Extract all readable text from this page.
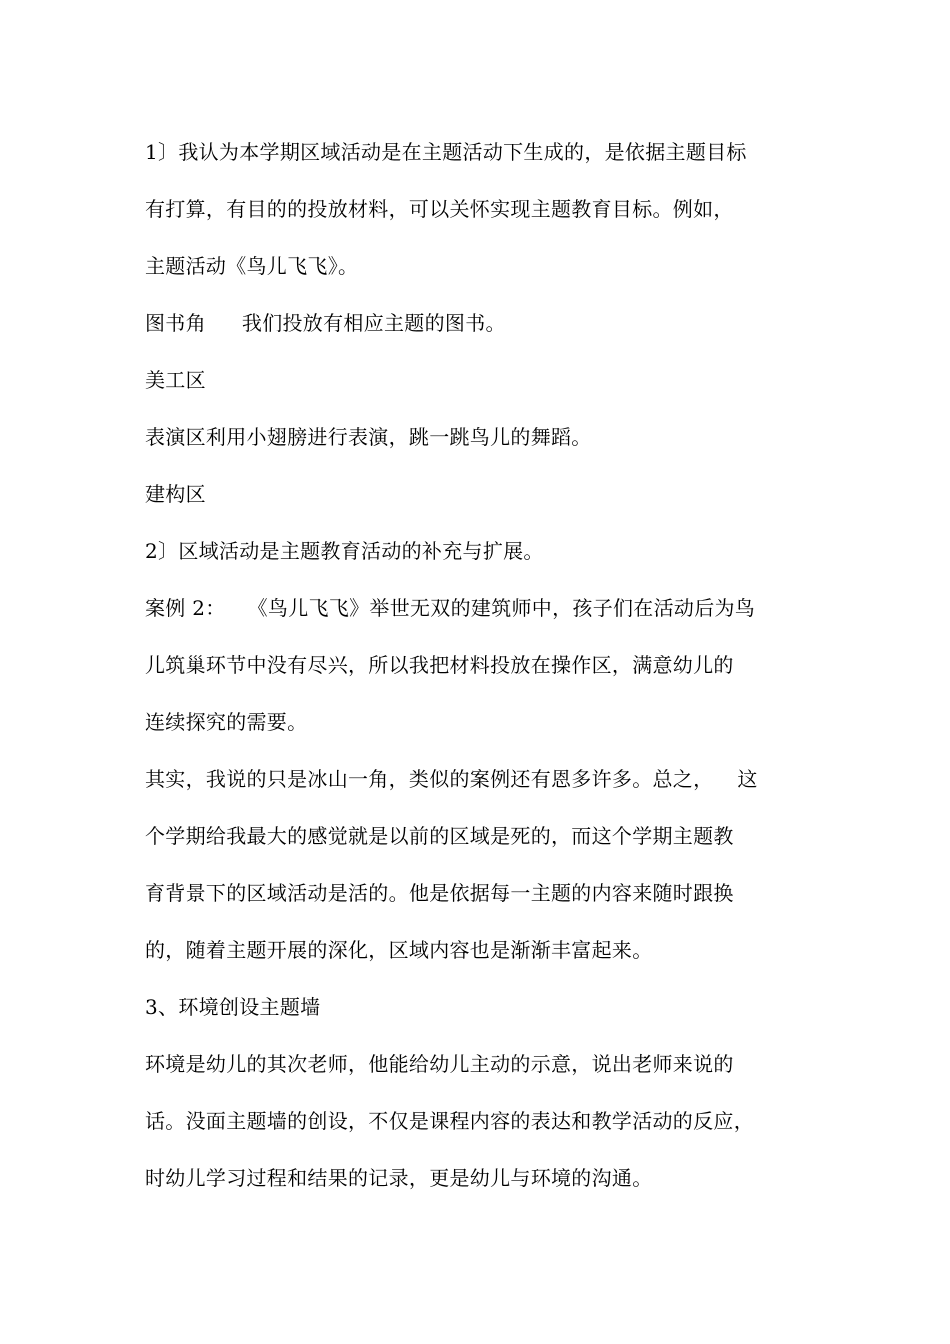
1〕我认为本学期区域活动是在主题活动下生成的，是依据主题目标
有打算，有目的的投放材料，可以关怀实现主题教育目标。例如，
主题活动《鸟儿飞飞》。
图书角 我们投放有相应主题的图书。
美工区
表演区利用小翅膀进行表演，跳一跳鸟儿的舞蹈。
建构区
2〕区域活动是主题教育活动的补充与扩展。
案例 2： 《鸟儿飞飞》举世无双的建筑师中，孩子们在活动后为鸟
儿筑巢环节中没有尽兴，所以我把材料投放在操作区，满意幼儿的
连续探究的需要。
其实，我说的只是冰山一角，类似的案例还有恩多许多。总之， 这
个学期给我最大的感觉就是以前的区域是死的，而这个学期主题教
育背景下的区域活动是活的。他是依据每一主题的内容来随时跟换
的，随着主题开展的深化，区域内容也是渐渐丰富起来。
3、环境创设主题墙
环境是幼儿的其次老师，他能给幼儿主动的示意，说出老师来说的
话。没面主题墙的创设，不仅是课程内容的表达和教学活动的反应，
时幼儿学习过程和结果的记录，更是幼儿与环境的沟通。
